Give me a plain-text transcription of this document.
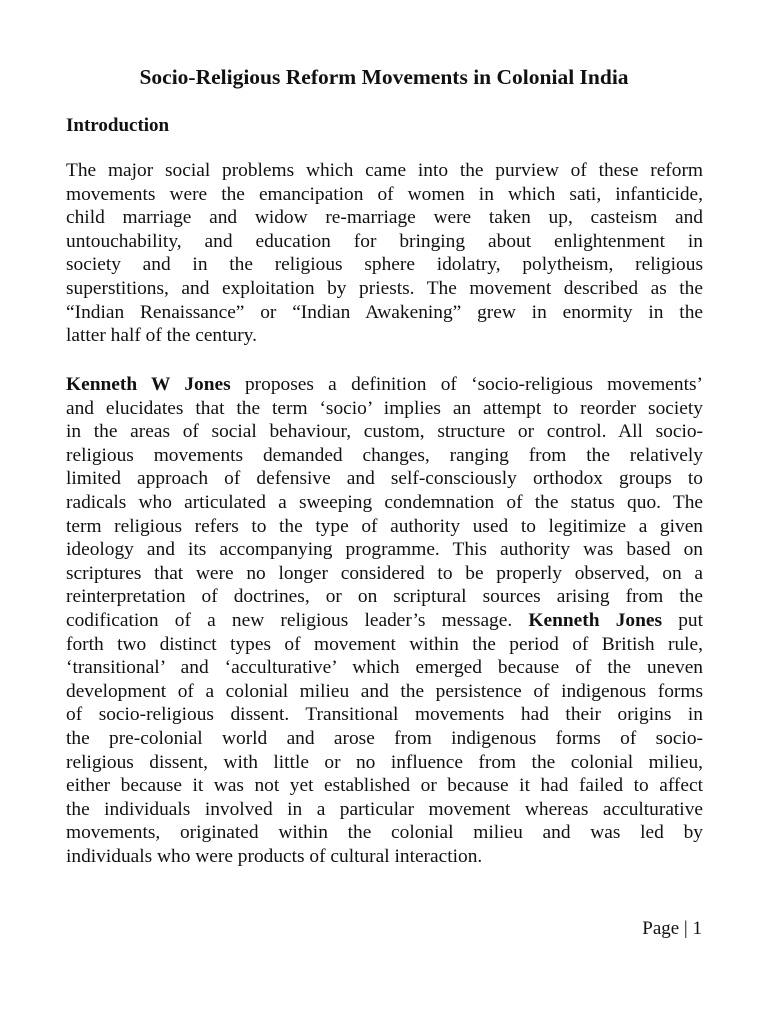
Socio-Religious Reform Movements in Colonial India
Introduction
The major social problems which came into the purview of these reform
movements were the emancipation of women in which sati, infanticide,
child marriage and widow re-marriage were taken up, casteism and
untouchability, and education for bringing about enlightenment in
society and in the religious sphere idolatry, polytheism, religious
superstitions, and exploitation by priests. The movement described as the
“Indian Renaissance” or “Indian Awakening” grew in enormity in the
latter half of the century.
Kenneth W Jones proposes a definition of ‘socio-religious movements’
and elucidates that the term ‘socio’ implies an attempt to reorder society
in the areas of social behaviour, custom, structure or control. All socio-
religious movements demanded changes, ranging from the relatively
limited approach of defensive and self-consciously orthodox groups to
radicals who articulated a sweeping condemnation of the status quo. The
term religious refers to the type of authority used to legitimize a given
ideology and its accompanying programme. This authority was based on
scriptures that were no longer considered to be properly observed, on a
reinterpretation of doctrines, or on scriptural sources arising from the
codification of a new religious leader’s message. Kenneth Jones put
forth two distinct types of movement within the period of British rule,
‘transitional’ and ‘acculturative’ which emerged because of the uneven
development of a colonial milieu and the persistence of indigenous forms
of socio-religious dissent. Transitional movements had their origins in
the pre-colonial world and arose from indigenous forms of socio-
religious dissent, with little or no influence from the colonial milieu,
either because it was not yet established or because it had failed to affect
the individuals involved in a particular movement whereas acculturative
movements, originated within the colonial milieu and was led by
individuals who were products of cultural interaction.
Page | 1
